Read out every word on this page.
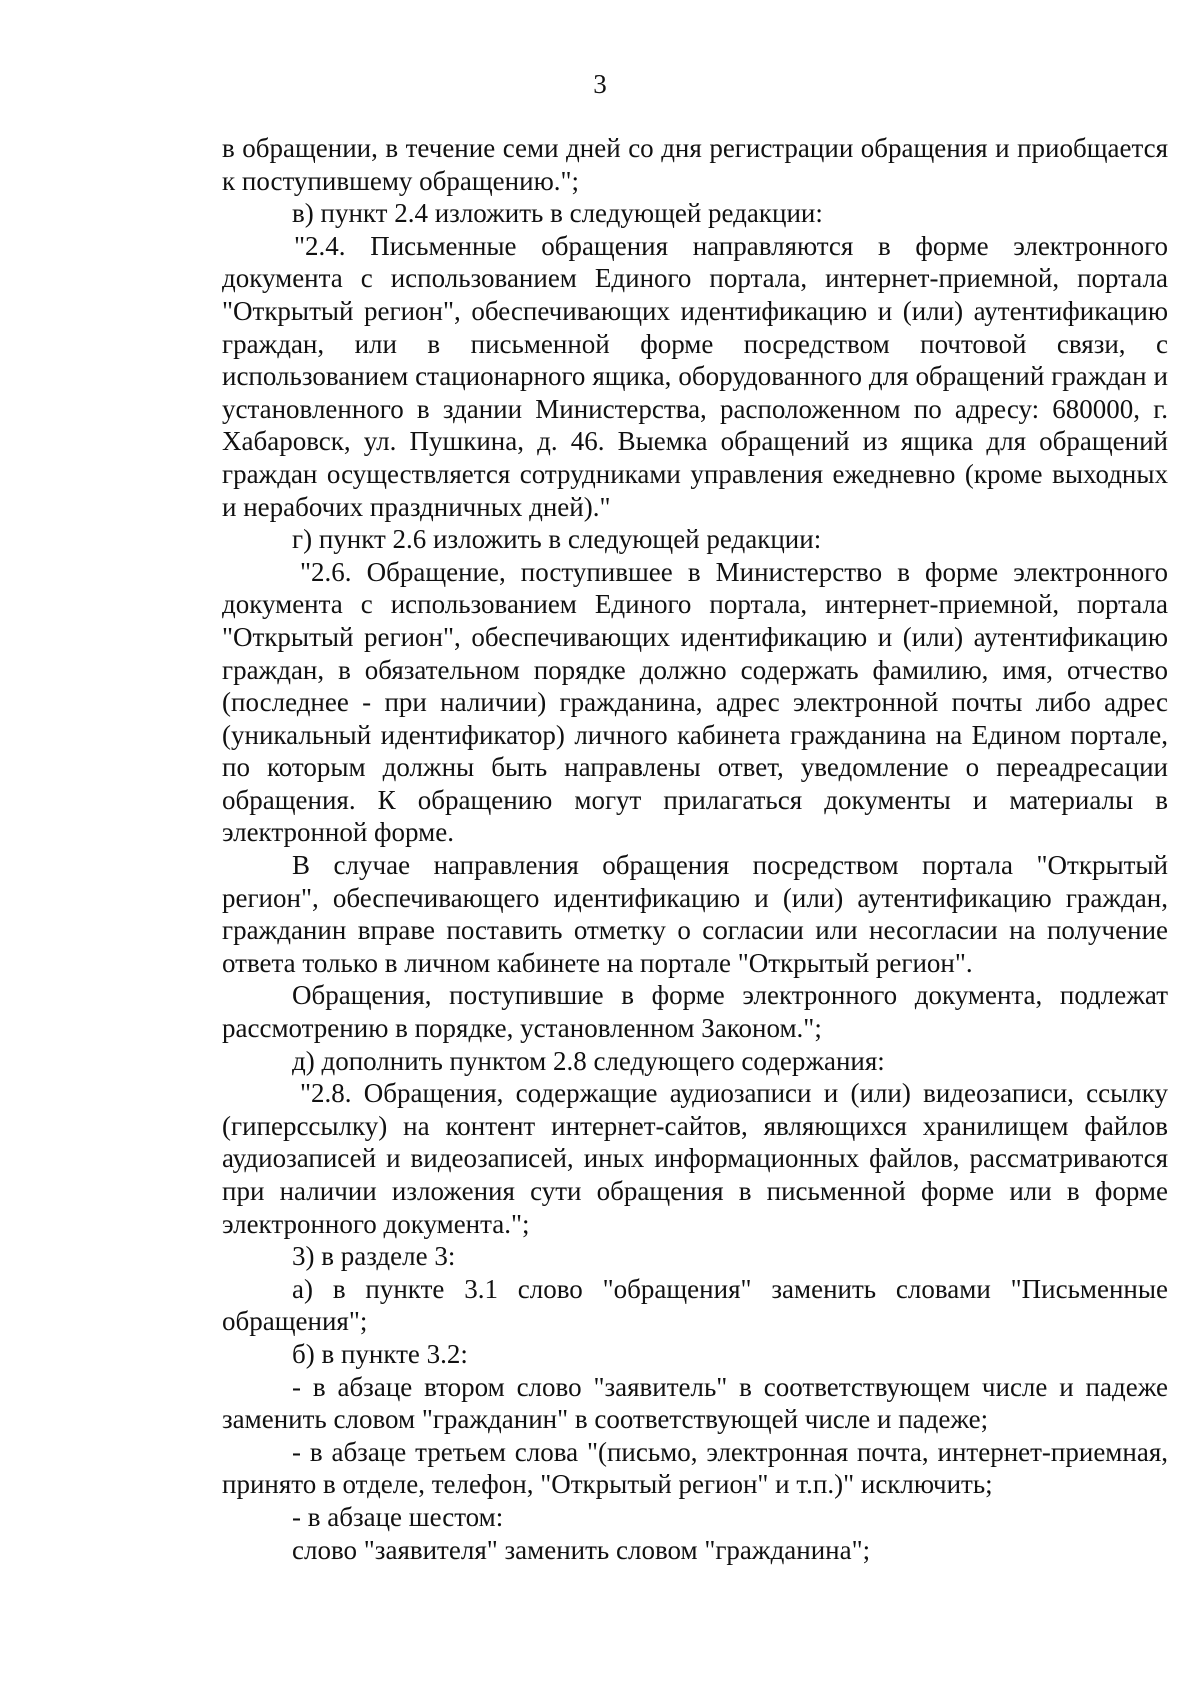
3

в обращении, в течение семи дней со дня регистрации обращения и приобщается к поступившему обращению.";

в) пункт 2.4 изложить в следующей редакции:

"2.4. Письменные обращения направляются в форме электронного документа с использованием Единого портала, интернет-приемной, портала "Открытый регион", обеспечивающих идентификацию и (или) аутентификацию граждан, или в письменной форме посредством почтовой связи, с использованием стационарного ящика, оборудованного для обращений граждан и установленного в здании Министерства, расположенном по адресу: 680000, г. Хабаровск, ул. Пушкина, д. 46. Выемка обращений из ящика для обращений граждан осуществляется сотрудниками управления ежедневно (кроме выходных и нерабочих праздничных дней)."

г) пункт 2.6 изложить в следующей редакции:

"2.6. Обращение, поступившее в Министерство в форме электронного документа с использованием Единого портала, интернет-приемной, портала "Открытый регион", обеспечивающих идентификацию и (или) аутентификацию граждан, в обязательном порядке должно содержать фамилию, имя, отчество (последнее - при наличии) гражданина, адрес электронной почты либо адрес (уникальный идентификатор) личного кабинета гражданина на Едином портале, по которым должны быть направлены ответ, уведомление о переадресации обращения. К обращению могут прилагаться документы и материалы в электронной форме.

В случае направления обращения посредством портала "Открытый регион", обеспечивающего идентификацию и (или) аутентификацию граждан, гражданин вправе поставить отметку о согласии или несогласии на получение ответа только в личном кабинете на портале "Открытый регион".

Обращения, поступившие в форме электронного документа, подлежат рассмотрению в порядке, установленном Законом.";

д) дополнить пунктом 2.8 следующего содержания:

"2.8. Обращения, содержащие аудиозаписи и (или) видеозаписи, ссылку (гиперссылку) на контент интернет-сайтов, являющихся хранилищем файлов аудиозаписей и видеозаписей, иных информационных файлов, рассматриваются при наличии изложения сути обращения в письменной форме или в форме электронного документа.";

3) в разделе 3:

а) в пункте 3.1 слово "обращения" заменить словами "Письменные обращения";

б) в пункте 3.2:

- в абзаце втором слово "заявитель" в соответствующем числе и падеже заменить словом "гражданин" в соответствующей числе и падеже;

- в абзаце третьем слова "(письмо, электронная почта, интернет-приемная, принято в отделе, телефон, "Открытый регион" и т.п.)" исключить;

- в абзаце шестом:

слово "заявителя" заменить словом "гражданина";
